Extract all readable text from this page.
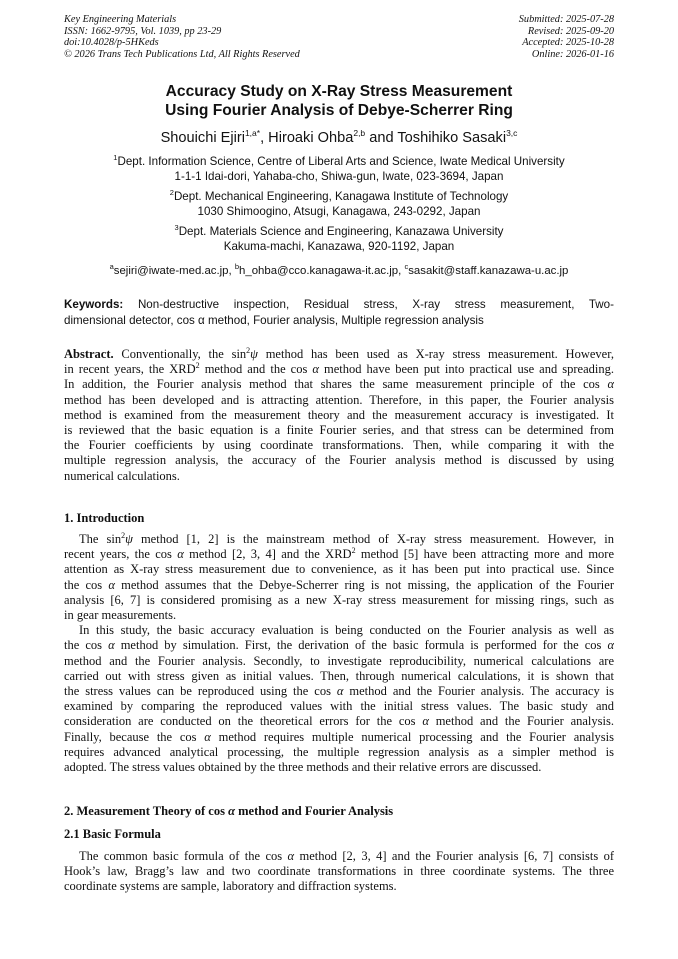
Key Engineering Materials
ISSN: 1662-9795, Vol. 1039, pp 23-29
doi:10.4028/p-5HKeds
© 2026 Trans Tech Publications Ltd, All Rights Reserved
Submitted: 2025-07-28
Revised: 2025-09-20
Accepted: 2025-10-28
Online: 2026-01-16
Accuracy Study on X-Ray Stress Measurement
Using Fourier Analysis of Debye-Scherrer Ring
Shouichi Ejiri$^{1,a*}$, Hiroaki Ohba$^{2,b}$ and Toshihiko Sasaki$^{3,c}$
$^1$Dept. Information Science, Centre of Liberal Arts and Science, Iwate Medical University
1-1-1 Idai-dori, Yahaba-cho, Shiwa-gun, Iwate, 023-3694, Japan
$^2$Dept. Mechanical Engineering, Kanagawa Institute of Technology
1030 Shimoogino, Atsugi, Kanagawa, 243-0292, Japan
$^3$Dept. Materials Science and Engineering, Kanazawa University
Kakuma-machi, Kanazawa, 920-1192, Japan
$^a$sejiri@iwate-med.ac.jp, $^b$h_ohba@cco.kanagawa-it.ac.jp, $^c$sasakit@staff.kanazawa-u.ac.jp
Keywords: Non-destructive inspection, Residual stress, X-ray stress measurement, Two-
dimensional detector, cos α method, Fourier analysis, Multiple regression analysis
Abstract. Conventionally, the $\sin^2\psi$ method has been used as X-ray stress measurement. However,
in recent years, the XRD$^2$ method and the cos α method have been put into practical use and spreading.
In addition, the Fourier analysis method that shares the same measurement principle of the cos α
method has been developed and is attracting attention. Therefore, in this paper, the Fourier analysis
method is examined from the measurement theory and the measurement accuracy is investigated. It
is reviewed that the basic equation is a finite Fourier series, and that stress can be determined from
the Fourier coefficients by using coordinate transformations. Then, while comparing it with the
multiple regression analysis, the accuracy of the Fourier analysis method is discussed by using
numerical calculations.
1. Introduction
The $\sin^2\psi$ method [1, 2] is the mainstream method of X-ray stress measurement. However, in
recent years, the cos α method [2, 3, 4] and the XRD$^2$ method [5] have been attracting more and more
attention as X-ray stress measurement due to convenience, as it has been put into practical use. Since
the cos α method assumes that the Debye-Scherrer ring is not missing, the application of the Fourier
analysis [6, 7] is considered promising as a new X-ray stress measurement for missing rings, such as
in gear measurements.
In this study, the basic accuracy evaluation is being conducted on the Fourier analysis as well as
the cos α method by simulation. First, the derivation of the basic formula is performed for the cos α
method and the Fourier analysis. Secondly, to investigate reproducibility, numerical calculations are
carried out with stress given as initial values. Then, through numerical calculations, it is shown that
the stress values can be reproduced using the cos α method and the Fourier analysis. The accuracy is
examined by comparing the reproduced values with the initial stress values. The basic study and
consideration are conducted on the theoretical errors for the cos α method and the Fourier analysis.
Finally, because the cos α method requires multiple numerical processing and the Fourier analysis
requires advanced analytical processing, the multiple regression analysis as a simpler method is
adopted. The stress values obtained by the three methods and their relative errors are discussed.
2. Measurement Theory of cos α method and Fourier Analysis
2.1 Basic Formula
The common basic formula of the cos α method [2, 3, 4] and the Fourier analysis [6, 7] consists of
Hook’s law, Bragg’s law and two coordinate transformations in three coordinate systems. The three
coordinate systems are sample, laboratory and diffraction systems.
